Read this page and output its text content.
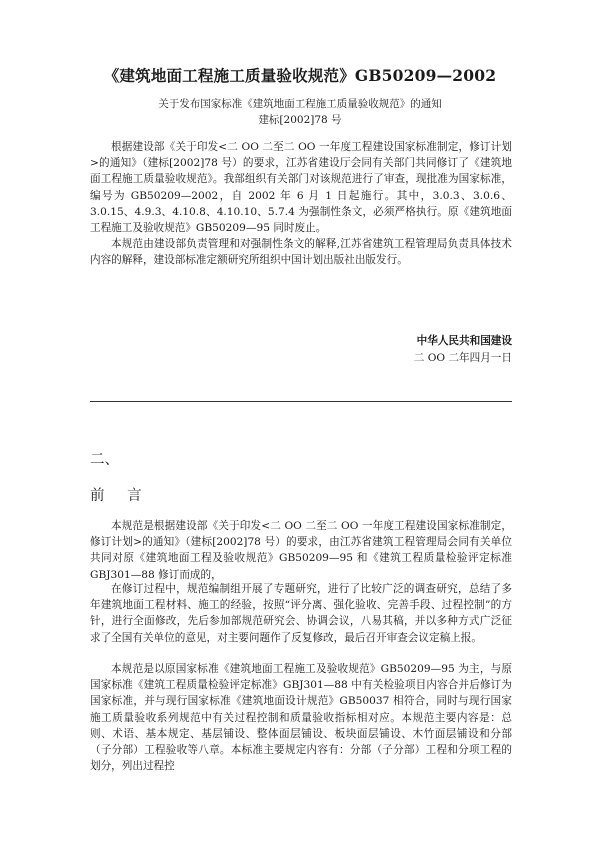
《建筑地面工程施工质量验收规范》GB50209—2002
关于发布国家标准《建筑地面工程施工质量验收规范》的通知
建标[2002]78 号

根据建设部《关于印发<二 OO 二至二 OO 一年度工程建设国家标准制定，修订计划>的通知》（建标[2002]78 号）的要求，江苏省建设厅会同有关部门共同修订了《建筑地面工程施工质量验收规范》。我部组织有关部门对该规范进行了审查，现批准为国家标准，编号为 GB50209—2002，自 2002 年 6 月 1 日起施行。其中，3.0.3、3.0.6、3.0.15、4.9.3、4.10.8、4.10.10、5.7.4 为强制性条文，必须严格执行。原《建筑地面工程施工及验收规范》GB50209—95 同时废止。

本规范由建设部负责管理和对强制性条文的解释,江苏省建筑工程管理局负责具体技术内容的解释，建设部标准定额研究所组织中国计划出版社出版发行。

中华人民共和国建设
二 OO 二年四月一日
二、
前 言

本规范是根据建设部《关于印发<二 OO 二至二 OO 一年度工程建设国家标准制定，修订计划>的通知》（建标[2002]78 号）的要求，由江苏省建筑工程管理局会同有关单位共同对原《建筑地面工程及验收规范》GB50209—95 和《建筑工程质量检验评定标准 GBJ301—88 修订而成的，

在修订过程中，规范编制组开展了专题研究，进行了比较广泛的调查研究，总结了多年建筑地面工程材料、施工的经验，按照“评分离、强化验收、完善手段、过程控制”的方针，进行全面修改，先后参加部规范研究会、协调会议，八易其稿，并以多种方式广泛征求了全国有关单位的意见，对主要问题作了反复修改，最后召开审查会议定稿上报。

本规范是以原国家标准《建筑地面工程施工及验收规范》GB50209—95 为主，与原国家标准《建筑工程质量检验评定标准》GBJ301—88 中有关检验项目内容合并后修订为国家标准，并与现行国家标准《建筑地面设计规范》GB50037 相符合，同时与现行国家施工质量验收系列规范中有关过程控制和质量验收指标相对应。本规范主要内容是：总则、术语、基本规定、基层铺设、整体面层铺设、板块面层铺设、木竹面层铺设和分部（子分部）工程验收等八章。本标准主要规定内容有：分部（子分部）工程和分项工程的划分，列出过程控
